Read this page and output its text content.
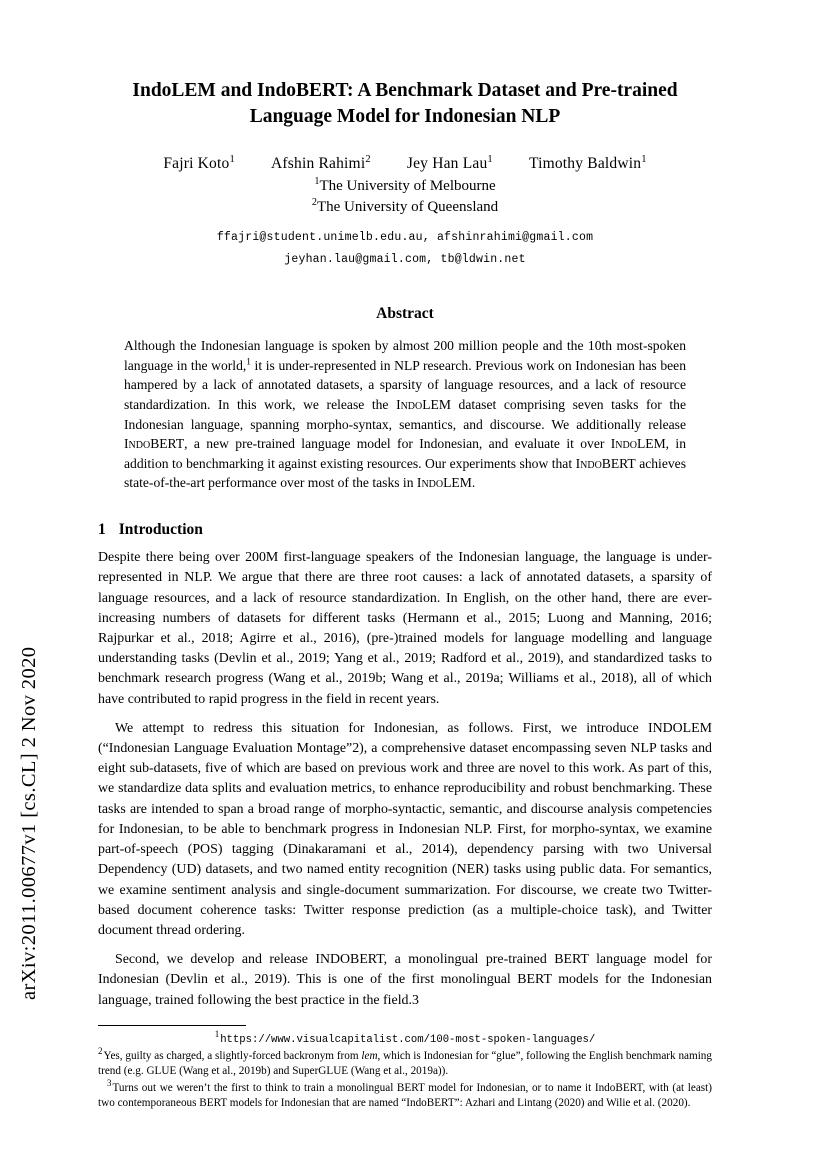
arXiv:2011.00677v1 [cs.CL] 2 Nov 2020
IndoLEM and IndoBERT: A Benchmark Dataset and Pre-trained Language Model for Indonesian NLP
Fajri Koto$^1$ Afshin Rahimi$^2$ Jey Han Lau$^1$ Timothy Baldwin$^1$
$^1$The University of Melbourne
$^2$The University of Queensland
ffajri@student.unimelb.edu.au, afshinrahimi@gmail.com
jeyhan.lau@gmail.com, tb@ldwin.net
Abstract
Although the Indonesian language is spoken by almost 200 million people and the 10th most-spoken language in the world,$^1$ it is under-represented in NLP research. Previous work on Indonesian has been hampered by a lack of annotated datasets, a sparsity of language resources, and a lack of resource standardization. In this work, we release the IndoLEM dataset comprising seven tasks for the Indonesian language, spanning morpho-syntax, semantics, and discourse. We additionally release IndoBERT, a new pre-trained language model for Indonesian, and evaluate it over IndoLEM, in addition to benchmarking it against existing resources. Our experiments show that IndoBERT achieves state-of-the-art performance over most of the tasks in IndoLEM.
1 Introduction
Despite there being over 200M first-language speakers of the Indonesian language, the language is under-represented in NLP. We argue that there are three root causes: a lack of annotated datasets, a sparsity of language resources, and a lack of resource standardization. In English, on the other hand, there are ever-increasing numbers of datasets for different tasks (Hermann et al., 2015; Luong and Manning, 2016; Rajpurkar et al., 2018; Agirre et al., 2016), (pre-)trained models for language modelling and language understanding tasks (Devlin et al., 2019; Yang et al., 2019; Radford et al., 2019), and standardized tasks to benchmark research progress (Wang et al., 2019b; Wang et al., 2019a; Williams et al., 2018), all of which have contributed to rapid progress in the field in recent years.
We attempt to redress this situation for Indonesian, as follows. First, we introduce INDOLEM (“Indonesian Language Evaluation Montage”2), a comprehensive dataset encompassing seven NLP tasks and eight sub-datasets, five of which are based on previous work and three are novel to this work. As part of this, we standardize data splits and evaluation metrics, to enhance reproducibility and robust benchmarking. These tasks are intended to span a broad range of morpho-syntactic, semantic, and discourse analysis competencies for Indonesian, to be able to benchmark progress in Indonesian NLP. First, for morpho-syntax, we examine part-of-speech (POS) tagging (Dinakaramani et al., 2014), dependency parsing with two Universal Dependency (UD) datasets, and two named entity recognition (NER) tasks using public data. For semantics, we examine sentiment analysis and single-document summarization. For discourse, we create two Twitter-based document coherence tasks: Twitter response prediction (as a multiple-choice task), and Twitter document thread ordering.
Second, we develop and release INDOBERT, a monolingual pre-trained BERT language model for Indonesian (Devlin et al., 2019). This is one of the first monolingual BERT models for the Indonesian language, trained following the best practice in the field.3
$^1$https://www.visualcapitalist.com/100-most-spoken-languages/
$^2$Yes, guilty as charged, a slightly-forced backronym from lem, which is Indonesian for “glue”, following the English benchmark naming trend (e.g. GLUE (Wang et al., 2019b) and SuperGLUE (Wang et al., 2019a)).
$^3$Turns out we weren’t the first to think to train a monolingual BERT model for Indonesian, or to name it IndoBERT, with (at least) two contemporaneous BERT models for Indonesian that are named “IndoBERT”: Azhari and Lintang (2020) and Wilie et al. (2020).
